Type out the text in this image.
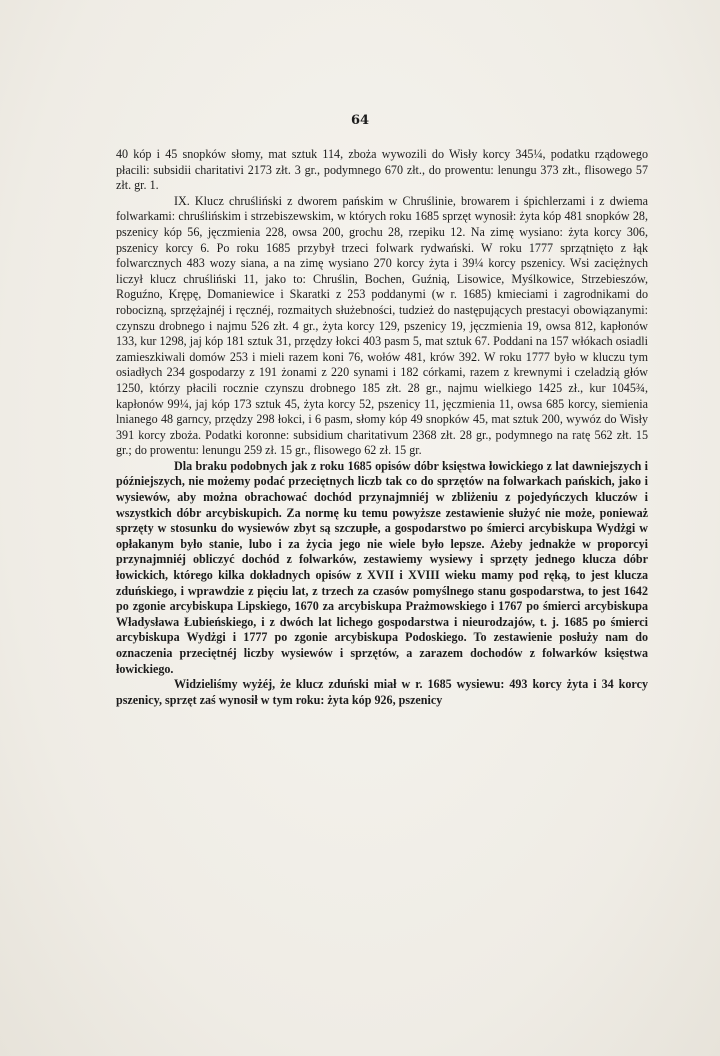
64

40 kóp i 45 snopków słomy, mat sztuk 114, zboża wywozili do Wisły korcy 345¼, podatku rządowego płacili: subsidii charitativi 2173 złt. 3 gr., podymnego 670 złt., do prowentu: lenungu 373 złt., flisowego 57 złt. gr. 1.

IX. Klucz chruśliński z dworem pańskim w Chruślinie, browarem i śpichlerzami i z dwiema folwarkami: chruślińskim i strzebiszewskim, w których roku 1685 sprzęt wynosił: żyta kóp 481 snopków 28, pszenicy kóp 56, jęczmienia 228, owsa 200, grochu 28, rzepiku 12. Na zimę wysiano: żyta korcy 306, pszenicy korcy 6. Po roku 1685 przybył trzeci folwark rydwański. W roku 1777 sprzątnięto z łąk folwarcznych 483 wozy siana, a na zimę wysiano 270 korcy żyta i 39¼ korcy pszenicy. Wsi zaciężnych liczył klucz chruśliński 11, jako to: Chruślin, Bochen, Guźnią, Lisowice, Myślkowice, Strzebieszów, Roguźno, Krępę, Domaniewice i Skaratki z 253 poddanymi (w r. 1685) kmieciami i zagrodnikami do robocizną, sprzężajnéj i ręcznéj, rozmaitych służebności, tudzież do następujących prestacyi obowiązanymi: czynszu drobnego i najmu 526 złt. 4 gr., żyta korcy 129, pszenicy 19, jęczmienia 19, owsa 812, kapłonów 133, kur 1298, jaj kóp 181 sztuk 31, przędzy łokci 403 pasm 5, mat sztuk 67. Poddani na 157 włókach osiadli zamieszkiwali domów 253 i mieli razem koni 76, wołów 481, krów 392. W roku 1777 było w kluczu tym osiadłych 234 gospodarzy z 191 żonami z 220 synami i 182 córkami, razem z krewnymi i czeladzią głów 1250, którzy płacili rocznie czynszu drobnego 185 złt. 28 gr., najmu wielkiego 1425 zł., kur 1045¾, kapłonów 99¼, jaj kóp 173 sztuk 45, żyta korcy 52, pszenicy 11, jęczmienia 11, owsa 685 korcy, siemienia lnianego 48 garncy, przędzy 298 łokci, i 6 pasm, słomy kóp 49 snopków 45, mat sztuk 200, wywóz do Wisły 391 korcy zboża. Podatki koronne: subsidium charitativum 2368 złt. 28 gr., podymnego na ratę 562 złt. 15 gr.; do prowentu: lenungu 259 zł. 15 gr., flisowego 62 zł. 15 gr.

Dla braku podobnych jak z roku 1685 opisów dóbr księstwa łowickiego z lat dawniejszych i późniejszych, nie możemy podać przeciętnych liczb tak co do sprzętów na folwarkach pańskich, jako i wysiewów, aby można obrachować dochód przynajmniéj w zbliżeniu z pojedyńczych kluczów i wszystkich dóbr arcybiskupich. Za normę ku temu powyższe zestawienie służyć nie może, ponieważ sprzęty w stosunku do wysiewów zbyt są szczupłe, a gospodarstwo po śmierci arcybiskupa Wydżgi w opłakanym było stanie, lubo i za życia jego nie wiele było lepsze. Ażeby jednakże w proporcyi przynajmniéj obliczyć dochód z folwarków, zestawiemy wysiewy i sprzęty jednego klucza dóbr łowickich, którego kilka dokładnych opisów z XVII i XVIII wieku mamy pod ręką, to jest klucza zduńskiego, i wprawdzie z pięciu lat, z trzech za czasów pomyślnego stanu gospodarstwa, to jest 1642 po zgonie arcybiskupa Lipskiego, 1670 za arcybiskupa Prażmowskiego i 1767 po śmierci arcybiskupa Władysława Łubieńskiego, i z dwóch lat lichego gospodarstwa i nieurodzajów, t. j. 1685 po śmierci arcybiskupa Wydżgi i 1777 po zgonie arcybiskupa Podoskiego. To zestawienie posłuży nam do oznaczenia przeciętnéj liczby wysiewów i sprzętów, a zarazem dochodów z folwarków księstwa łowickiego.

Widzieliśmy wyżéj, że klucz zduński miał w r. 1685 wysiewu: 493 korcy żyta i 34 korcy pszenicy, sprzęt zaś wynosił w tym roku: żyta kóp 926, pszenicy
